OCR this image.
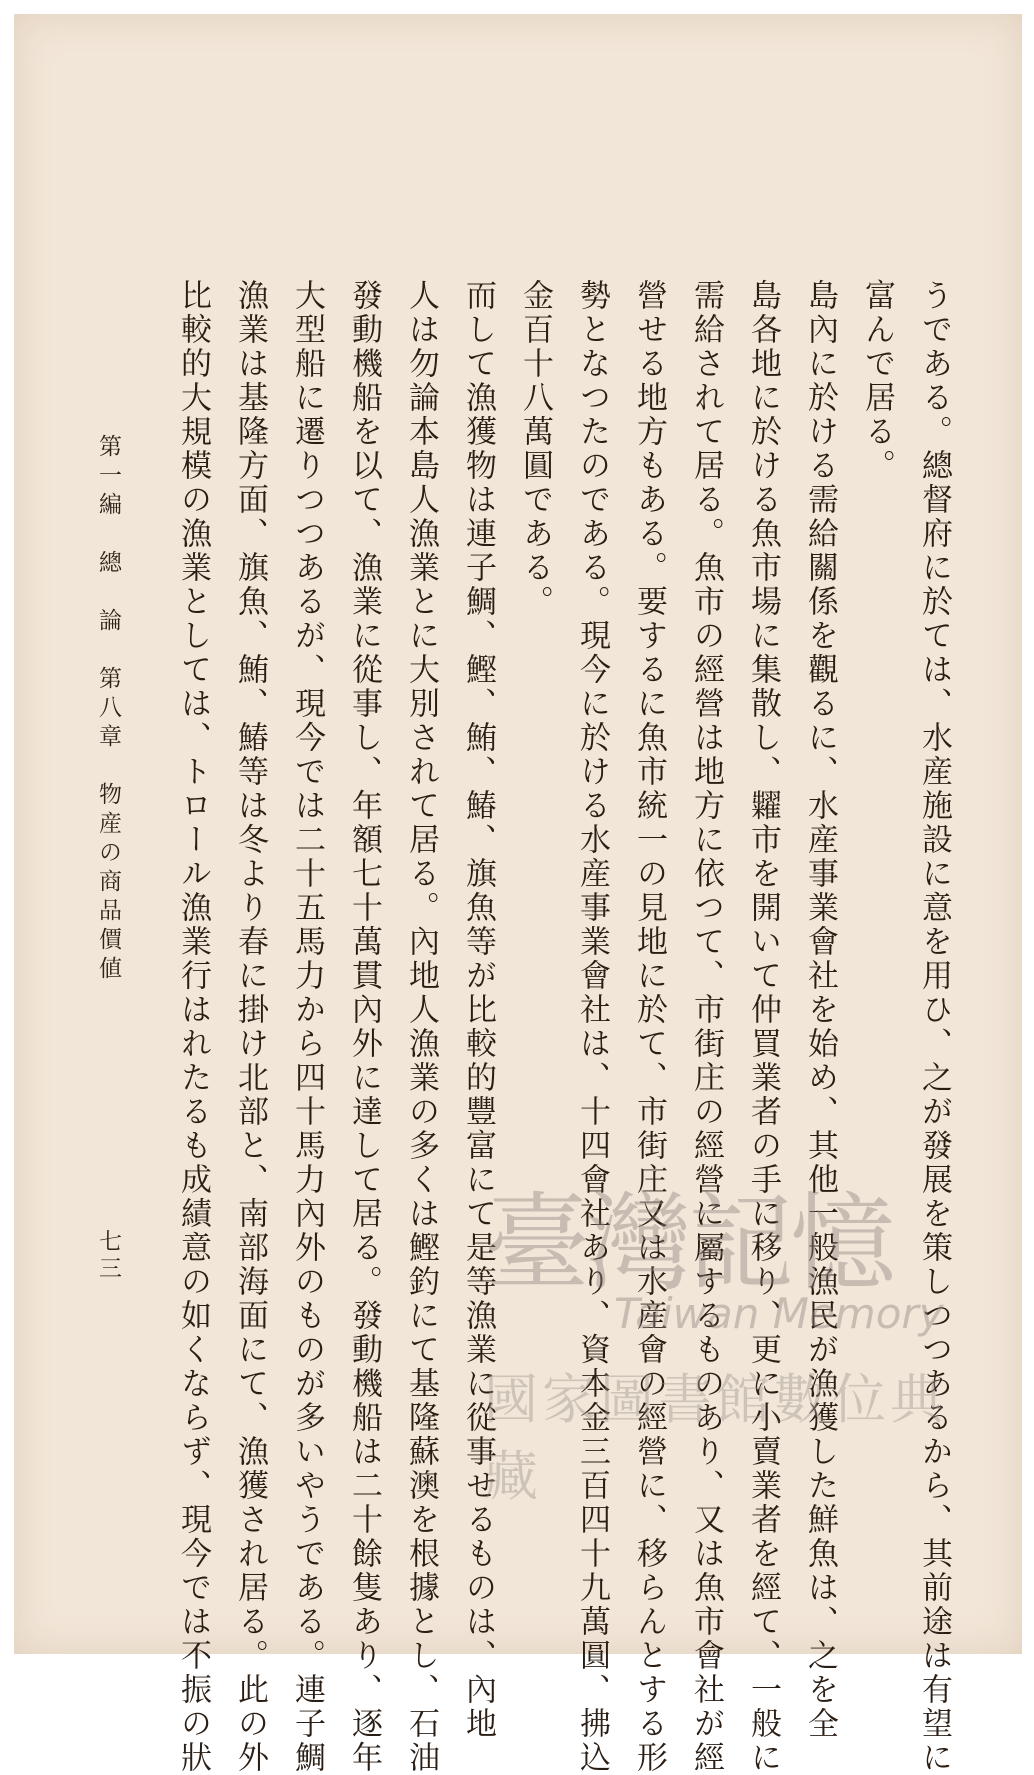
うである。總督府に於ては、水産施設に意を用ひ、之が發展を策しつつあるから、其前途は有望に
富んで居る。
島內に於ける需給關係を觀るに、水産事業會社を始め、其他一般漁民が漁獲した鮮魚は、之を全
島各地に於ける魚市場に集散し、糶市を開いて仲買業者の手に移り、更に小賣業者を經て、一般に
需給されて居る。魚市の經營は地方に依つて、市街庄の經營に屬するものあり、又は魚市會社が經
營せる地方もある。要するに魚市統一の見地に於て、市街庄又は水産會の經營に、移らんとする形
勢となつたのである。現今に於ける水産事業會社は、十四會社あり、資本金三百四十九萬圓、拂込
金百十八萬圓である。
而して漁獲物は連子鯛、鰹、鮪、鰆、旗魚等が比較的豐富にて是等漁業に從事せるものは、內地
人は勿論本島人漁業とに大別されて居る。內地人漁業の多くは鰹釣にて基隆蘇澳を根據とし、石油
發動機船を以て、漁業に從事し、年額七十萬貫內外に達して居る。發動機船は二十餘隻あり、逐年
大型船に遷りつつあるが、現今では二十五馬力から四十馬力內外のものが多いやうである。連子鯛
漁業は基隆方面、旗魚、鮪、鰆等は冬より春に掛け北部と、南部海面にて、漁獲され居る。此の外
比較的大規模の漁業としては、トロール漁業行はれたるも成績意の如くならず、現今では不振の狀
第一編　總　論　第八章　物産の商品價値
七三	臺灣記憶
Taiwan Memory
國家圖書館數位典藏
